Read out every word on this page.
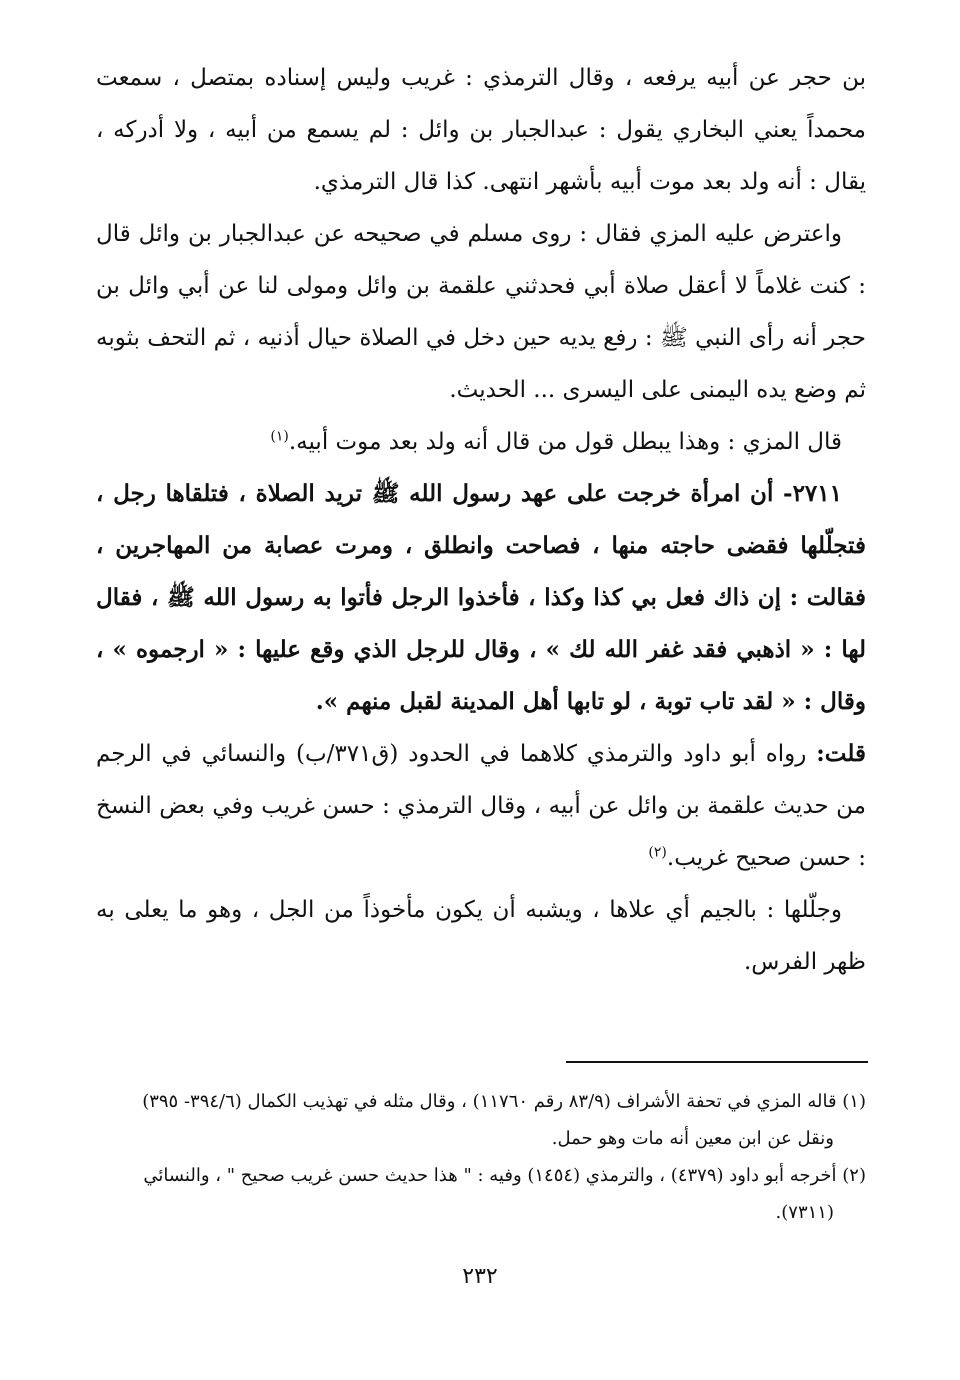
بن حجر عن أبيه يرفعه ، وقال الترمذي : غريب وليس إسناده بمتصل ، سمعت محمداً يعني البخاري يقول : عبدالجبار بن وائل : لم يسمع من أبيه ، ولا أدركه ، يقال : أنه ولد بعد موت أبيه بأشهر انتهى. كذا قال الترمذي.

واعترض عليه المزي فقال : روى مسلم في صحيحه عن عبدالجبار بن وائل قال : كنت غلاماً لا أعقل صلاة أبي فحدثني علقمة بن وائل ومولى لنا عن أبي وائل بن حجر أنه رأى النبي ﷺ : رفع يديه حين دخل في الصلاة حيال أذنيه ، ثم التحف بثوبه ثم وضع يده اليمنى على اليسرى ... الحديث.

قال المزي : وهذا يبطل قول من قال أنه ولد بعد موت أبيه.$^{(١)}$

٢٧١١- أن امرأة خرجت على عهد رسول الله ﷺ تريد الصلاة ، فتلقاها رجل ، فتجلّلها فقضى حاجته منها ، فصاحت وانطلق ، ومرت عصابة من المهاجرين ، فقالت : إن ذاك فعل بي كذا وكذا ، فأخذوا الرجل فأتوا به رسول الله ﷺ ، فقال لها : « اذهبي فقد غفر الله لك » ، وقال للرجل الذي وقع عليها : « ارجموه » ، وقال : « لقد تاب توبة ، لو تابها أهل المدينة لقبل منهم ».

قلت: رواه أبو داود والترمذي كلاهما في الحدود (ق٣٧١/ب) والنسائي في الرجم من حديث علقمة بن وائل عن أبيه ، وقال الترمذي : حسن غريب وفي بعض النسخ : حسن صحيح غريب.$^{(٢)}$

وجلّلها : بالجيم أي علاها ، ويشبه أن يكون مأخوذاً من الجل ، وهو ما يعلى به ظهر الفرس.

(١) قاله المزي في تحفة الأشراف (٨٣/٩ رقم ١١٧٦٠) ، وقال مثله في تهذيب الكمال (٣٩٤/٦- ٣٩٥)

ونقل عن ابن معين أنه مات وهو حمل.

(٢) أخرجه أبو داود (٤٣٧٩) ، والترمذي (١٤٥٤) وفيه : " هذا حديث حسن غريب صحيح " ، والنسائي

(٧٣١١).

٢٣٢
